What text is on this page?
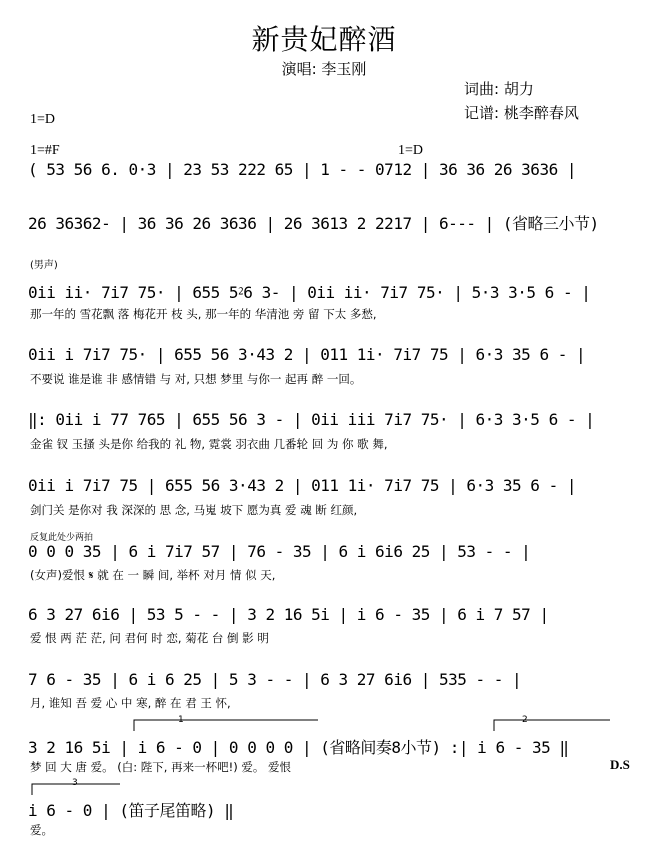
新贵妃醉酒
演唱: 李玉刚
词曲: 胡力
记谱: 桃李醉春风
1=D
1=#F	1=D
(男声)
反复此处少两拍
D.S
1	2
3
( 53 56 6. 0·3 | 23 53 222 65 | 1 - - 0712 | 36 36 26 3636 |
26 36362- | 36 36 26 3636 | 26 3613 2 2217 | 6--- | (省略三小节)
0ii ii· 7i7 75· | 655 5⁲6 3- | 0ii ii· 7i7 75· | 5·3 3·5 6 - |
那一年的 雪花飘 落 梅花开 枝 头, 那一年的 华清池 旁 留 下太 多愁,
0ii i 7i7 75· | 655 56 3·43 2 | 011 1i· 7i7 75 | 6·3 35 6 - |
不要说 谁是谁 非 感情错 与 对, 只想 梦里 与你一 起再 醉 一回。
‖: 0ii i 77 765 | 655 56 3 - | 0ii iii 7i7 75· | 6·3 3·5 6 - |
金雀 钗 玉搔 头是你 给我的 礼 物, 霓裳 羽衣曲 几番轮 回 为 你 歌 舞,
0ii i 7i7 75 | 655 56 3·43 2 | 011 1i· 7i7 75 | 6·3 35 6 - |
剑门关 是你对 我 深深的 思 念, 马嵬 坡下 愿为真 爱 魂 断 红颜,
0 0 0 35 | 6 i 7i7 57 | 76 - 35 | 6 i 6i6 25 | 53 - - |
(女声)爱恨 𝄋 就 在 一 瞬 间, 举杯 对月 情 似 天,
6 3 27 6i6 | 53 5 - - | 3 2 16 5i | i 6 - 35 | 6 i 7 57 |
爱 恨 两 茫 茫, 问 君何 时 恋, 菊花 台 倒 影 明
7 6 - 35 | 6 i 6 25 | 5 3 - - | 6 3 27 6i6 | 535 - - |
月, 谁知 吾 爱 心 中 寒, 醉 在 君 王 怀,
3 2 16 5i | i 6 - 0 | 0 0 0 0 | (省略间奏8小节) :| i 6 - 35 ‖
梦 回 大 唐 爱。 (白: 陛下, 再来一杯吧!) 爱。 爱恨
i 6 - 0 | (笛子尾笛略) ‖
爱。
